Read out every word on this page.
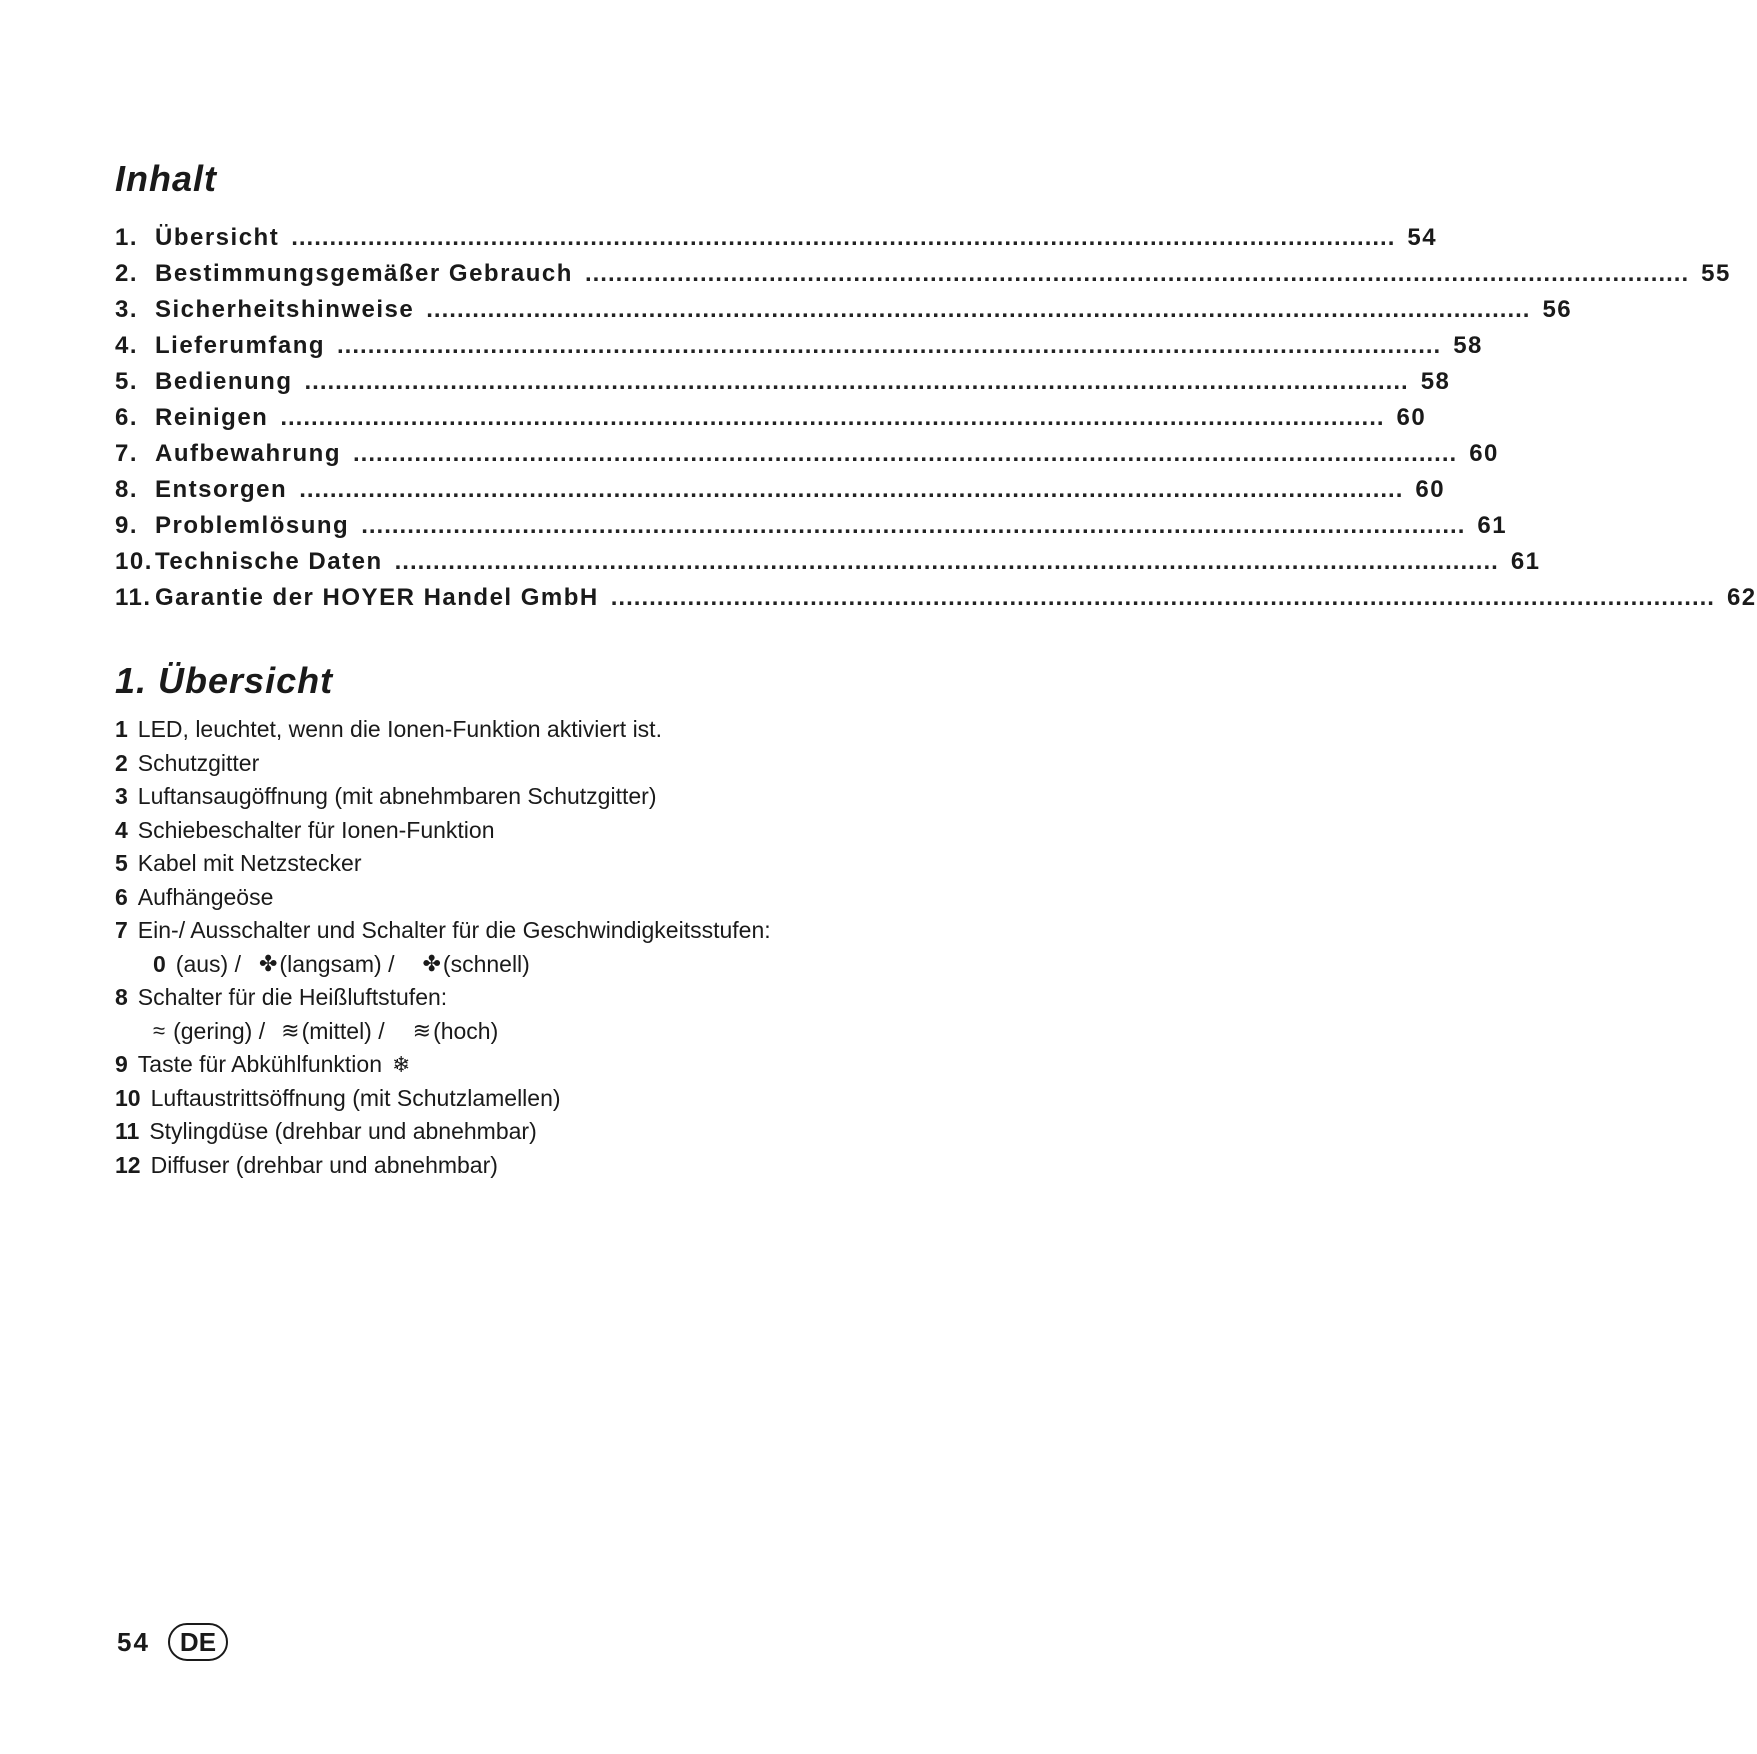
Inhalt
1. Übersicht ................................................................................................................................................ 54
2. Bestimmungsgemäßer Gebrauch ................................................................................................................................................ 55
3. Sicherheitshinweise ................................................................................................................................................ 56
4. Lieferumfang ................................................................................................................................................ 58
5. Bedienung ................................................................................................................................................ 58
6. Reinigen ................................................................................................................................................ 60
7. Aufbewahrung ................................................................................................................................................ 60
8. Entsorgen ................................................................................................................................................ 60
9. Problemlösung ................................................................................................................................................ 61
10. Technische Daten ................................................................................................................................................ 61
11. Garantie der HOYER Handel GmbH ................................................................................................................................................ 62
1. Übersicht
1 LED, leuchtet, wenn die Ionen-Funktion aktiviert ist.
2 Schutzgitter
3 Luftansaugöffnung (mit abnehmbaren Schutzgitter)
4 Schiebeschalter für Ionen-Funktion
5 Kabel mit Netzstecker
6 Aufhängeöse
7 Ein-/ Ausschalter und Schalter für die Geschwindigkeitsstufen:
0 (aus) / ✤ (langsam) / ✤ (schnell)
8 Schalter für die Heißluftstufen:
≈ (gering) / ≋ (mittel) / ≋ (hoch)
9 Taste für Abkühlfunktion ❄
10 Luftaustrittsöffnung (mit Schutzlamellen)
11 Stylingdüse (drehbar und abnehmbar)
12 Diffuser (drehbar und abnehmbar)
54	DE
